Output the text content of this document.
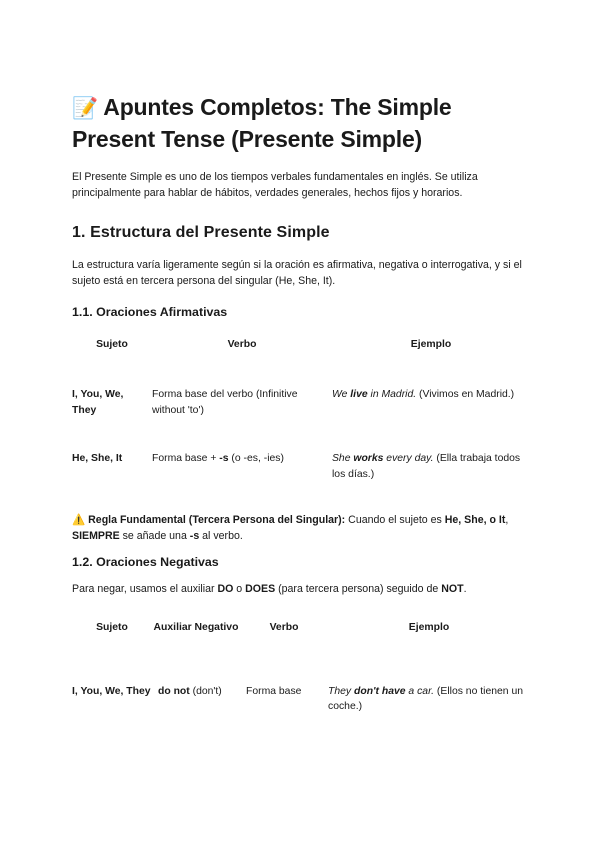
📝 Apuntes Completos: The Simple Present Tense (Presente Simple)

El Presente Simple es uno de los tiempos verbales fundamentales en inglés. Se utiliza principalmente para hablar de hábitos, verdades generales, hechos fijos y horarios.

1. Estructura del Presente Simple

La estructura varía ligeramente según si la oración es afirmativa, negativa o interrogativa, y si el sujeto está en tercera persona del singular (He, She, It).

1.1. Oraciones Afirmativas
Sujeto	Verbo	Ejemplo
I, You, We, They	Forma base del verbo (Infinitive without 'to')	We live in Madrid. (Vivimos en Madrid.)
He, She, It	Forma base + -s (o -es, -ies)	She works every day. (Ella trabaja todos los días.)

⚠️ Regla Fundamental (Tercera Persona del Singular): Cuando el sujeto es He, She, o It, SIEMPRE se añade una -s al verbo.

1.2. Oraciones Negativas

Para negar, usamos el auxiliar DO o DOES (para tercera persona) seguido de NOT.

Sujeto	Auxiliar Negativo	Verbo	Ejemplo
I, You, We, They	do not (don't)	Forma base	They don't have a car. (Ellos no tienen un coche.)
